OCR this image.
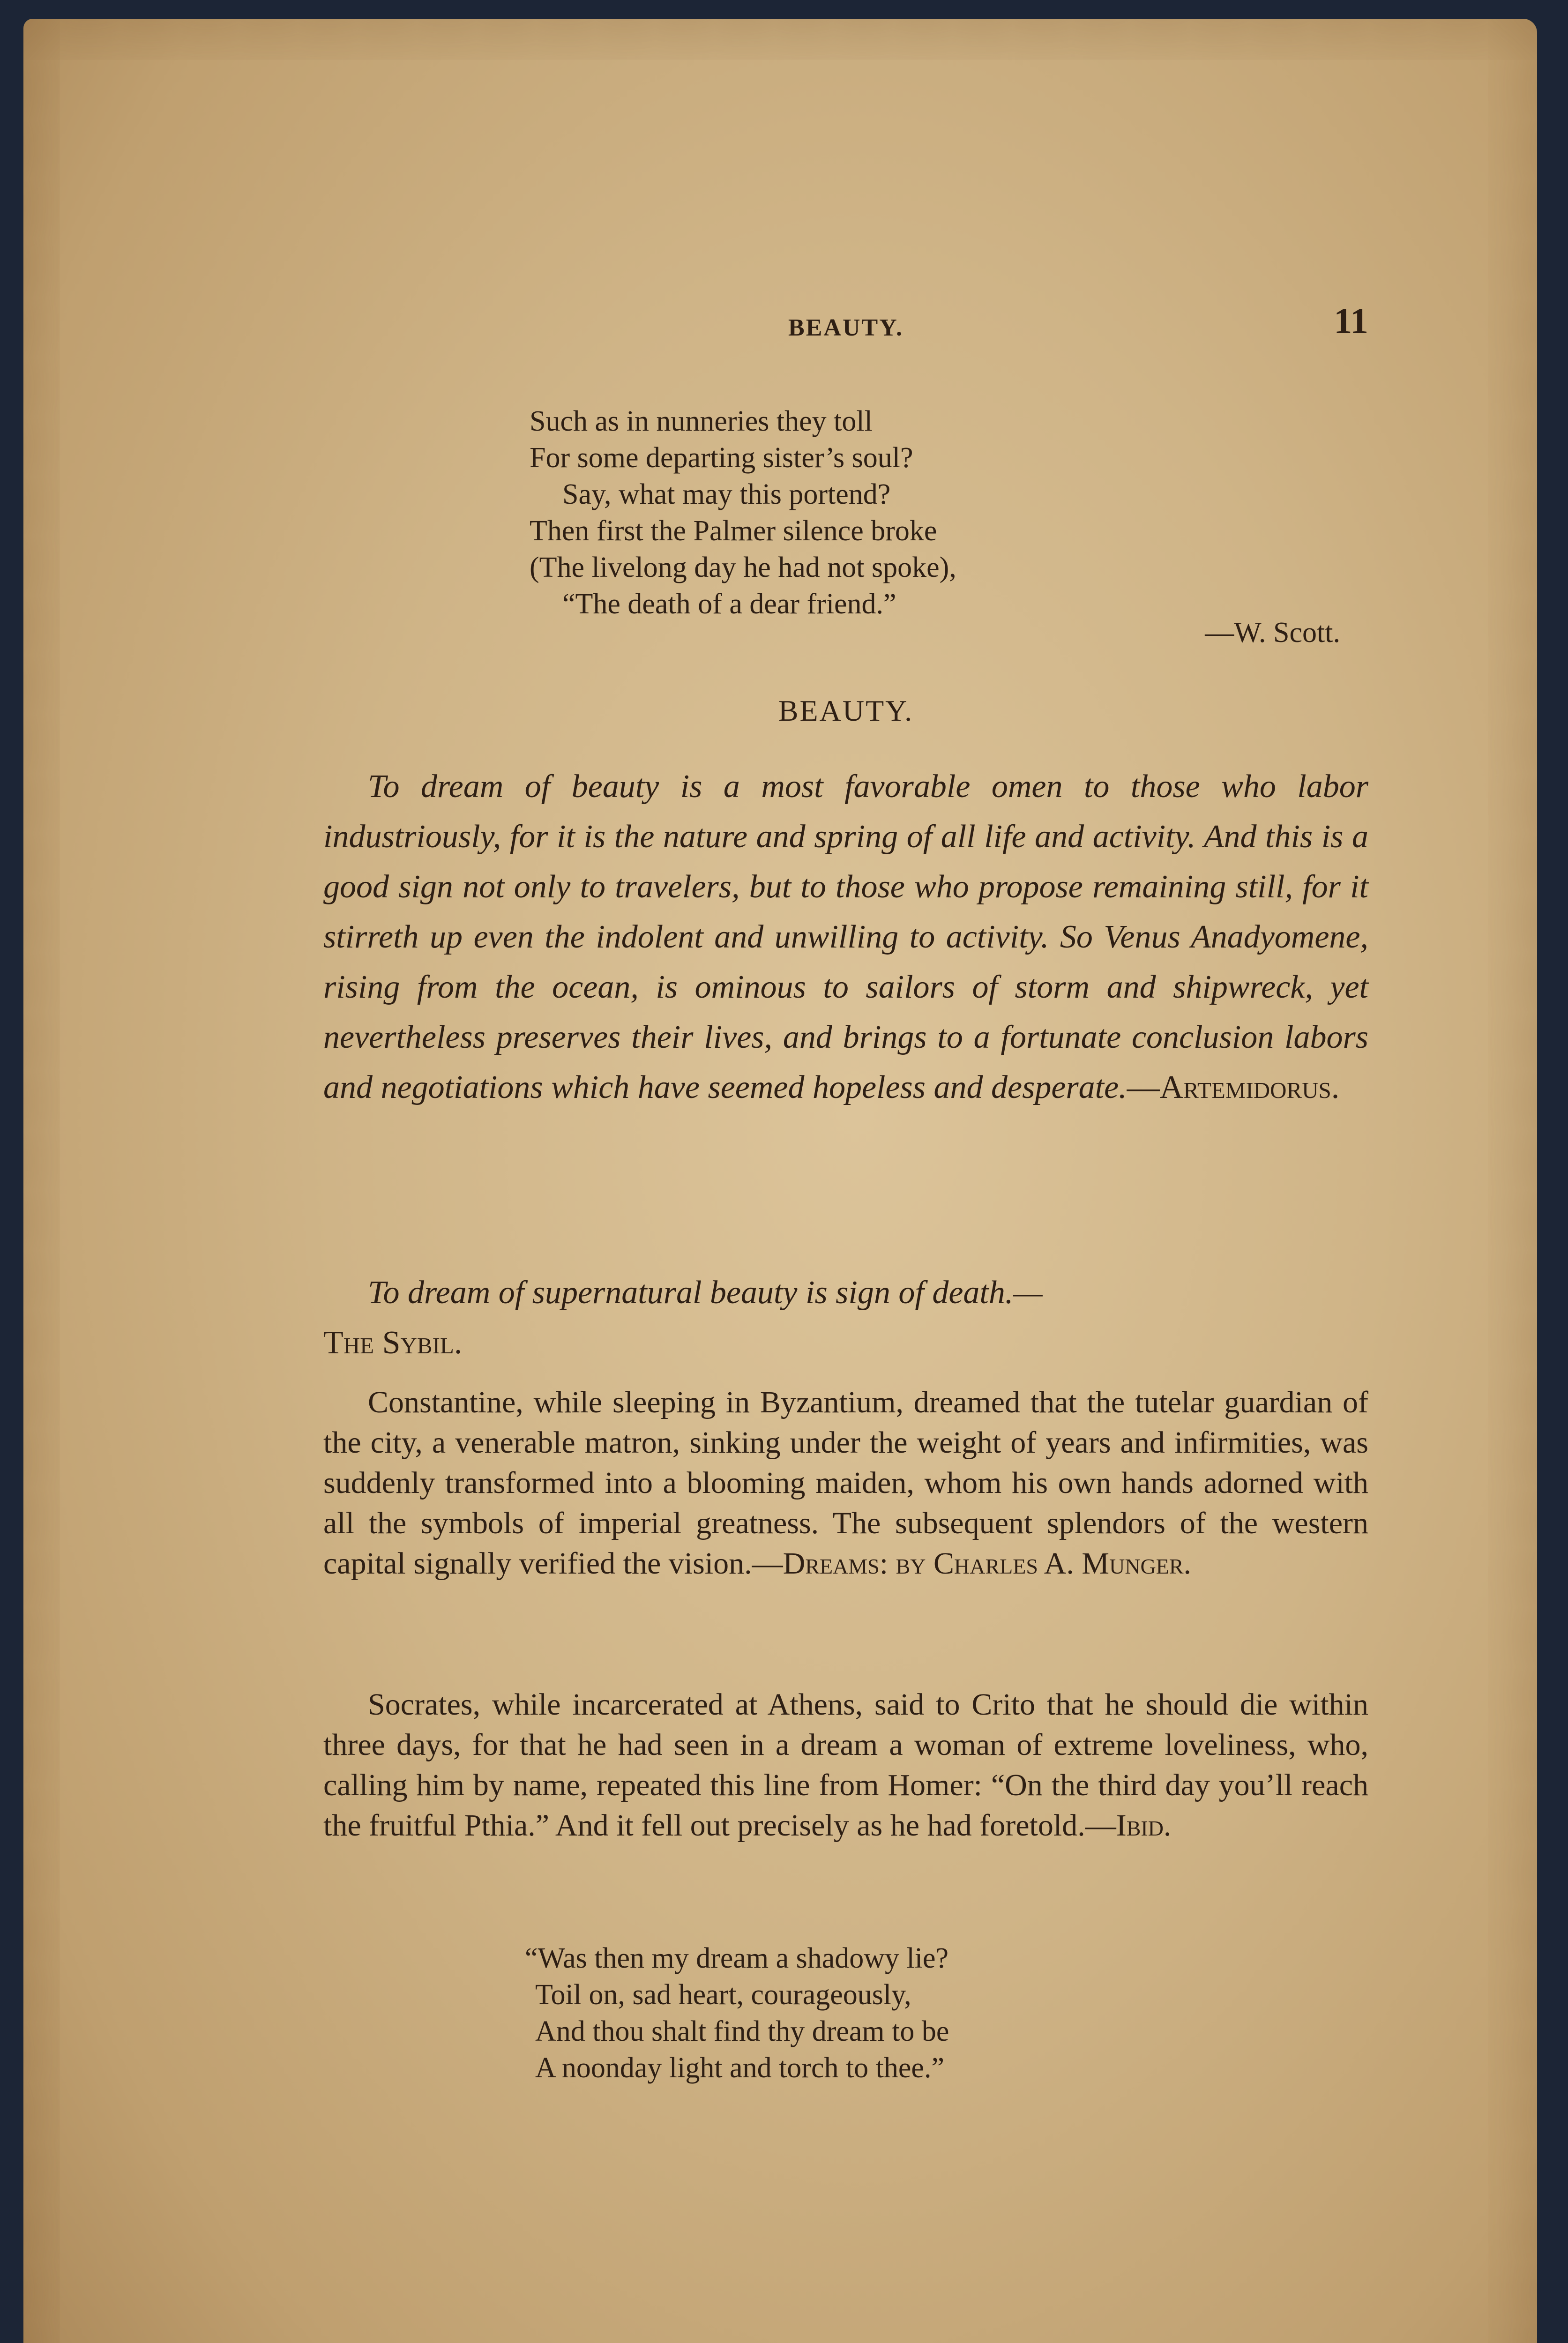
BEAUTY.	11
Such as in nunneries they toll
For some departing sister’s soul?
Say, what may this portend?
Then first the Palmer silence broke
(The livelong day he had not spoke),
“The death of a dear friend.”
—W. Scott.
BEAUTY.
To dream of beauty is a most favorable omen to those who labor industriously, for it is the nature and spring of all life and activity. And this is a good sign not only to travelers, but to those who propose remaining still, for it stirreth up even the indolent and unwilling to activity. So Venus Anadyomene, rising from the ocean, is ominous to sailors of storm and shipwreck, yet nevertheless preserves their lives, and brings to a fortunate conclusion labors and negotiations which have seemed hopeless and desperate.—Artemidorus.
To dream of supernatural beauty is sign of death.—
The Sybil.
Constantine, while sleeping in Byzantium, dreamed that the tutelar guardian of the city, a venerable matron, sinking under the weight of years and infirmities, was suddenly transformed into a blooming maiden, whom his own hands adorned with all the symbols of imperial greatness. The subsequent splendors of the western capital signally verified the vision.—Dreams: by Charles A. Munger.
Socrates, while incarcerated at Athens, said to Crito that he should die within three days, for that he had seen in a dream a woman of extreme loveliness, who, calling him by name, repeated this line from Homer: “On the third day you’ll reach the fruitful Pthia.” And it fell out precisely as he had foretold.—Ibid.
“Was then my dream a shadowy lie?
Toil on, sad heart, courageously,
And thou shalt find thy dream to be
A noonday light and torch to thee.”
